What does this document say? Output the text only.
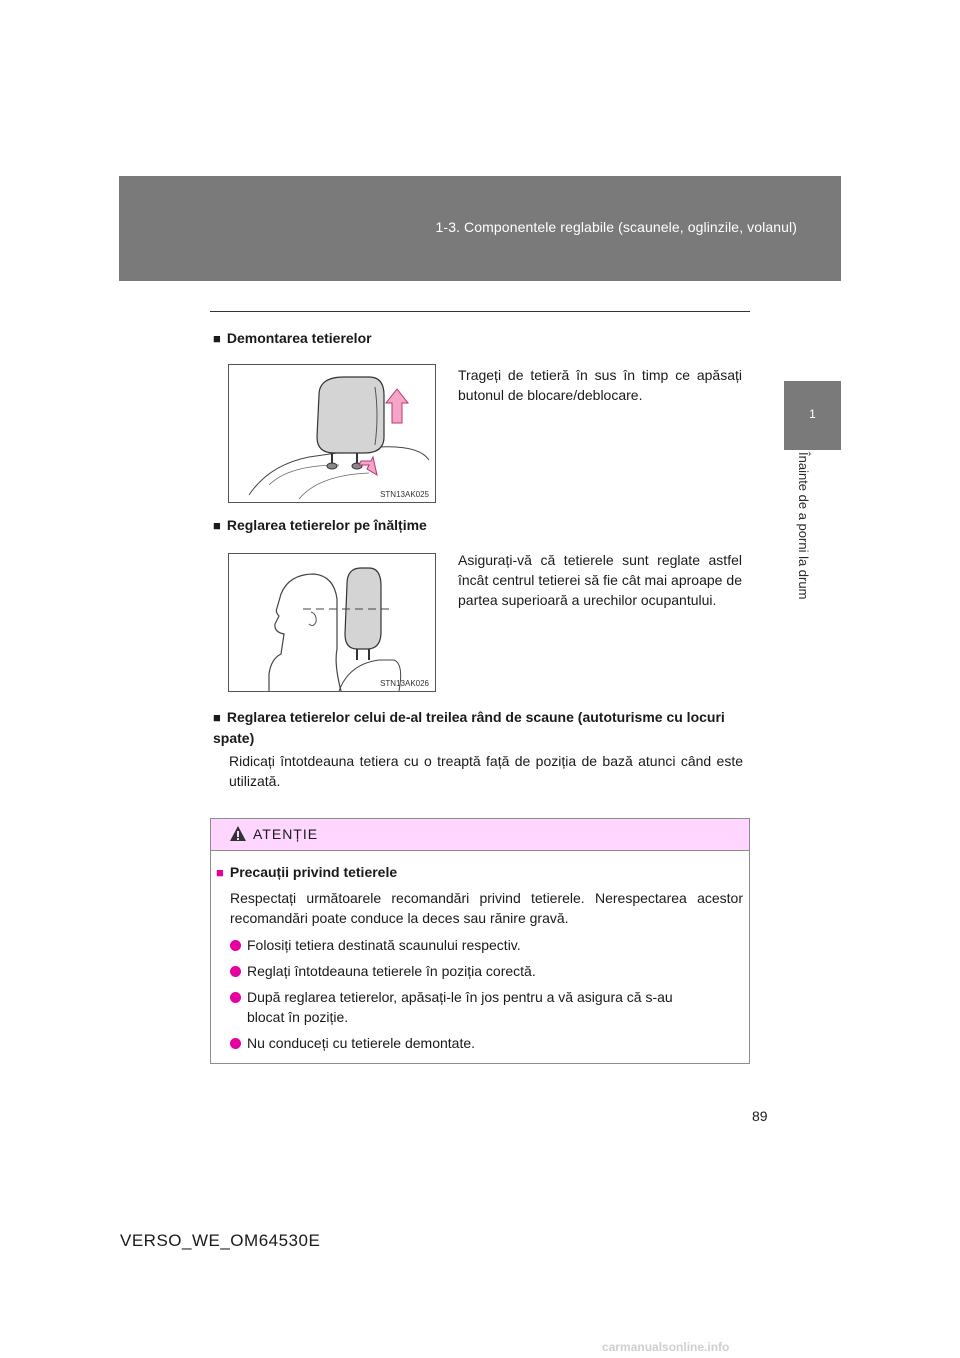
1-3. Componentele reglabile (scaunele, oglinzile, volanul)
1
Înainte de a porni la drum
■ Demontarea tetierelor
STN13AK025
Trageți de tetieră în sus în timp ce apăsați butonul de blocare/deblocare.
■ Reglarea tetierelor pe înălțime
STN13AK026
Asigurați-vă că tetierele sunt reglate astfel încât centrul tetierei să fie cât mai aproape de partea superioară a urechilor ocupantului.
■ Reglarea tetierelor celui de-al treilea rând de scaune (autoturisme cu locuri spate)
Ridicați întotdeauna tetiera cu o treaptă față de poziția de bază atunci când este utilizată.
ATENȚIE
■ Precauții privind tetierele
Respectați următoarele recomandări privind tetierele. Nerespectarea acestor recomandări poate conduce la deces sau rănire gravă.
Folosiți tetiera destinată scaunului respectiv.
Reglați întotdeauna tetierele în poziția corectă.
După reglarea tetierelor, apăsați-le în jos pentru a vă asigura că s-au
blocat în poziție.
Nu conduceți cu tetierele demontate.
89
VERSO_WE_OM64530E
carmanualsonline.info
